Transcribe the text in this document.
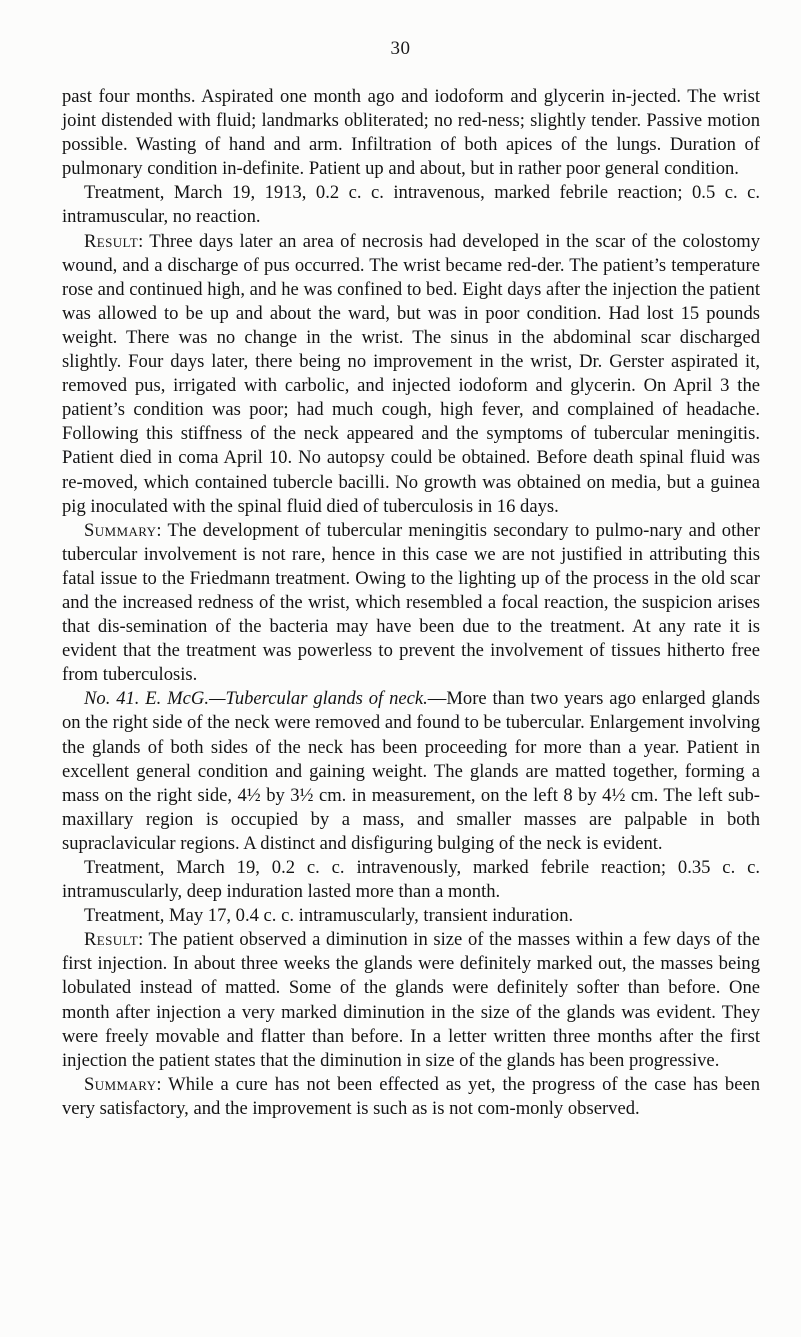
30

past four months. Aspirated one month ago and iodoform and glycerin in-jected. The wrist joint distended with fluid; landmarks obliterated; no red-ness; slightly tender. Passive motion possible. Wasting of hand and arm. Infiltration of both apices of the lungs. Duration of pulmonary condition in-definite. Patient up and about, but in rather poor general condition.

Treatment, March 19, 1913, 0.2 c. c. intravenous, marked febrile reaction; 0.5 c. c. intramuscular, no reaction.

Result: Three days later an area of necrosis had developed in the scar of the colostomy wound, and a discharge of pus occurred. The wrist became red-der. The patient’s temperature rose and continued high, and he was confined to bed. Eight days after the injection the patient was allowed to be up and about the ward, but was in poor condition. Had lost 15 pounds weight. There was no change in the wrist. The sinus in the abdominal scar discharged slightly. Four days later, there being no improvement in the wrist, Dr. Gerster aspirated it, removed pus, irrigated with carbolic, and injected iodoform and glycerin. On April 3 the patient’s condition was poor; had much cough, high fever, and complained of headache. Following this stiffness of the neck appeared and the symptoms of tubercular meningitis. Patient died in coma April 10. No autopsy could be obtained. Before death spinal fluid was re-moved, which contained tubercle bacilli. No growth was obtained on media, but a guinea pig inoculated with the spinal fluid died of tuberculosis in 16 days.

Summary: The development of tubercular meningitis secondary to pulmo-nary and other tubercular involvement is not rare, hence in this case we are not justified in attributing this fatal issue to the Friedmann treatment. Owing to the lighting up of the process in the old scar and the increased redness of the wrist, which resembled a focal reaction, the suspicion arises that dis-semination of the bacteria may have been due to the treatment. At any rate it is evident that the treatment was powerless to prevent the involvement of tissues hitherto free from tuberculosis.

No. 41. E. McG.—Tubercular glands of neck.—More than two years ago enlarged glands on the right side of the neck were removed and found to be tubercular. Enlargement involving the glands of both sides of the neck has been proceeding for more than a year. Patient in excellent general condition and gaining weight. The glands are matted together, forming a mass on the right side, 4½ by 3½ cm. in measurement, on the left 8 by 4½ cm. The left sub-maxillary region is occupied by a mass, and smaller masses are palpable in both supraclavicular regions. A distinct and disfiguring bulging of the neck is evident.

Treatment, March 19, 0.2 c. c. intravenously, marked febrile reaction; 0.35 c. c. intramuscularly, deep induration lasted more than a month.

Treatment, May 17, 0.4 c. c. intramuscularly, transient induration.

Result: The patient observed a diminution in size of the masses within a few days of the first injection. In about three weeks the glands were definitely marked out, the masses being lobulated instead of matted. Some of the glands were definitely softer than before. One month after injection a very marked diminution in the size of the glands was evident. They were freely movable and flatter than before. In a letter written three months after the first injection the patient states that the diminution in size of the glands has been progressive.

Summary: While a cure has not been effected as yet, the progress of the case has been very satisfactory, and the improvement is such as is not com-monly observed.
